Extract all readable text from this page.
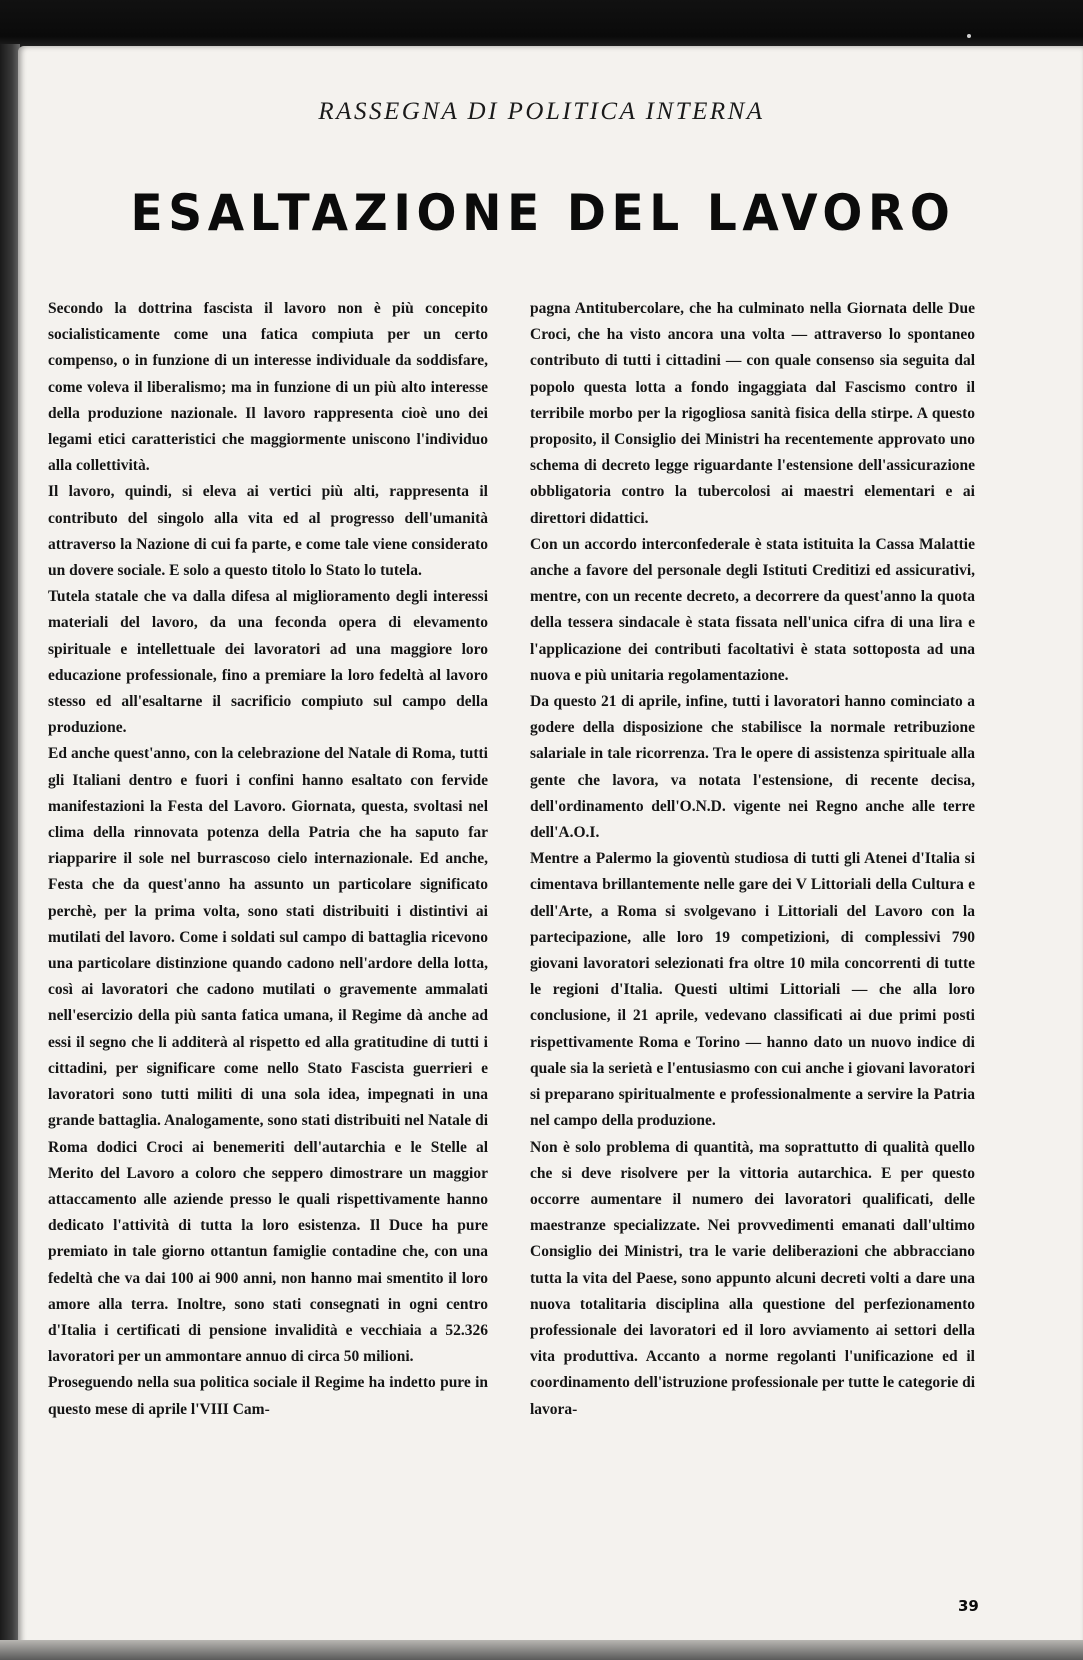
RASSEGNA DI POLITICA INTERNA
ESALTAZIONE DEL LAVORO

Secondo la dottrina fascista il lavoro non è più concepito socialisticamente come una fatica compiuta per un certo compenso, o in funzione di un interesse individuale da soddisfare, come voleva il liberalismo; ma in funzione di un più alto interesse della produzione nazionale. Il lavoro rappresenta cioè uno dei legami etici caratteristici che maggiormente uniscono l'individuo alla collettività.

Il lavoro, quindi, si eleva ai vertici più alti, rappresenta il contributo del singolo alla vita ed al progresso dell'umanità attraverso la Nazione di cui fa parte, e come tale viene considerato un dovere sociale. E solo a questo titolo lo Stato lo tutela.

Tutela statale che va dalla difesa al miglioramento degli interessi materiali del lavoro, da una feconda opera di elevamento spirituale e intellettuale dei lavoratori ad una maggiore loro educazione professionale, fino a premiare la loro fedeltà al lavoro stesso ed all'esaltarne il sacrificio compiuto sul campo della produzione.

Ed anche quest'anno, con la celebrazione del Natale di Roma, tutti gli Italiani dentro e fuori i confini hanno esaltato con fervide manifestazioni la Festa del Lavoro. Giornata, questa, svoltasi nel clima della rinnovata potenza della Patria che ha saputo far riapparire il sole nel burrascoso cielo internazionale. Ed anche, Festa che da quest'anno ha assunto un particolare significato perchè, per la prima volta, sono stati distribuiti i distintivi ai mutilati del lavoro. Come i soldati sul campo di battaglia ricevono una particolare distinzione quando cadono nell'ardore della lotta, così ai lavoratori che cadono mutilati o gravemente ammalati nell'esercizio della più santa fatica umana, il Regime dà anche ad essi il segno che li additerà al rispetto ed alla gratitudine di tutti i cittadini, per significare come nello Stato Fascista guerrieri e lavoratori sono tutti militi di una sola idea, impegnati in una grande battaglia. Analogamente, sono stati distribuiti nel Natale di Roma dodici Croci ai benemeriti dell'autarchia e le Stelle al Merito del Lavoro a coloro che seppero dimostrare un maggior attaccamento alle aziende presso le quali rispettivamente hanno dedicato l'attività di tutta la loro esistenza. Il Duce ha pure premiato in tale giorno ottantun famiglie contadine che, con una fedeltà che va dai 100 ai 900 anni, non hanno mai smentito il loro amore alla terra. Inoltre, sono stati consegnati in ogni centro d'Italia i certificati di pensione invalidità e vecchiaia a 52.326 lavoratori per un ammontare annuo di circa 50 milioni.

Proseguendo nella sua politica sociale il Regime ha indetto pure in questo mese di aprile l'VIII Cam-

pagna Antitubercolare, che ha culminato nella Giornata delle Due Croci, che ha visto ancora una volta — attraverso lo spontaneo contributo di tutti i cittadini — con quale consenso sia seguita dal popolo questa lotta a fondo ingaggiata dal Fascismo contro il terribile morbo per la rigogliosa sanità fisica della stirpe. A questo proposito, il Consiglio dei Ministri ha recentemente approvato uno schema di decreto legge riguardante l'estensione dell'assicurazione obbligatoria contro la tubercolosi ai maestri elementari e ai direttori didattici.

Con un accordo interconfederale è stata istituita la Cassa Malattie anche a favore del personale degli Istituti Creditizi ed assicurativi, mentre, con un recente decreto, a decorrere da quest'anno la quota della tessera sindacale è stata fissata nell'unica cifra di una lira e l'applicazione dei contributi facoltativi è stata sottoposta ad una nuova e più unitaria regolamentazione.

Da questo 21 di aprile, infine, tutti i lavoratori hanno cominciato a godere della disposizione che stabilisce la normale retribuzione salariale in tale ricorrenza. Tra le opere di assistenza spirituale alla gente che lavora, va notata l'estensione, di recente decisa, dell'ordinamento dell'O.N.D. vigente nei Regno anche alle terre dell'A.O.I.

Mentre a Palermo la gioventù studiosa di tutti gli Atenei d'Italia si cimentava brillantemente nelle gare dei V Littoriali della Cultura e dell'Arte, a Roma si svolgevano i Littoriali del Lavoro con la partecipazione, alle loro 19 competizioni, di complessivi 790 giovani lavoratori selezionati fra oltre 10 mila concorrenti di tutte le regioni d'Italia. Questi ultimi Littoriali — che alla loro conclusione, il 21 aprile, vedevano classificati ai due primi posti rispettivamente Roma e Torino — hanno dato un nuovo indice di quale sia la serietà e l'entusiasmo con cui anche i giovani lavoratori si preparano spiritualmente e professionalmente a servire la Patria nel campo della produzione.

Non è solo problema di quantità, ma soprattutto di qualità quello che si deve risolvere per la vittoria autarchica. E per questo occorre aumentare il numero dei lavoratori qualificati, delle maestranze specializzate. Nei provvedimenti emanati dall'ultimo Consiglio dei Ministri, tra le varie deliberazioni che abbracciano tutta la vita del Paese, sono appunto alcuni decreti volti a dare una nuova totalitaria disciplina alla questione del perfezionamento professionale dei lavoratori ed il loro avviamento ai settori della vita produttiva. Accanto a norme regolanti l'unificazione ed il coordinamento dell'istruzione professionale per tutte le categorie di lavora-

39
